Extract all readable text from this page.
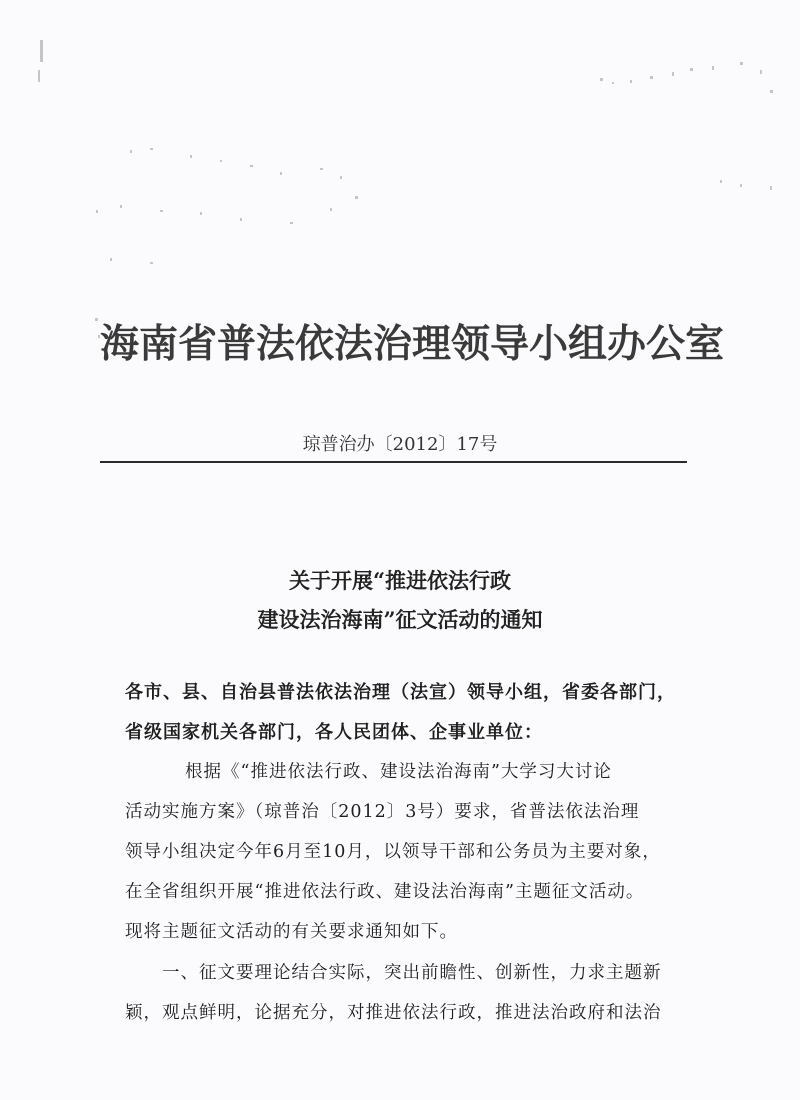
海南省普法依法治理领导小组办公室
琼普治办〔2012〕17号
关于开展“推进依法行政
建设法治海南”征文活动的通知
各市、县、自治县普法依法治理（法宣）领导小组，省委各部门，
省级国家机关各部门，各人民团体、企事业单位：
根据《“推进依法行政、建设法治海南”大学习大讨论
活动实施方案》（琼普治〔2012〕3号）要求，省普法依法治理
领导小组决定今年6月至10月，以领导干部和公务员为主要对象，
在全省组织开展“推进依法行政、建设法治海南”主题征文活动。
现将主题征文活动的有关要求通知如下。
一、征文要理论结合实际，突出前瞻性、创新性，力求主题新
颖，观点鲜明，论据充分，对推进依法行政，推进法治政府和法治
